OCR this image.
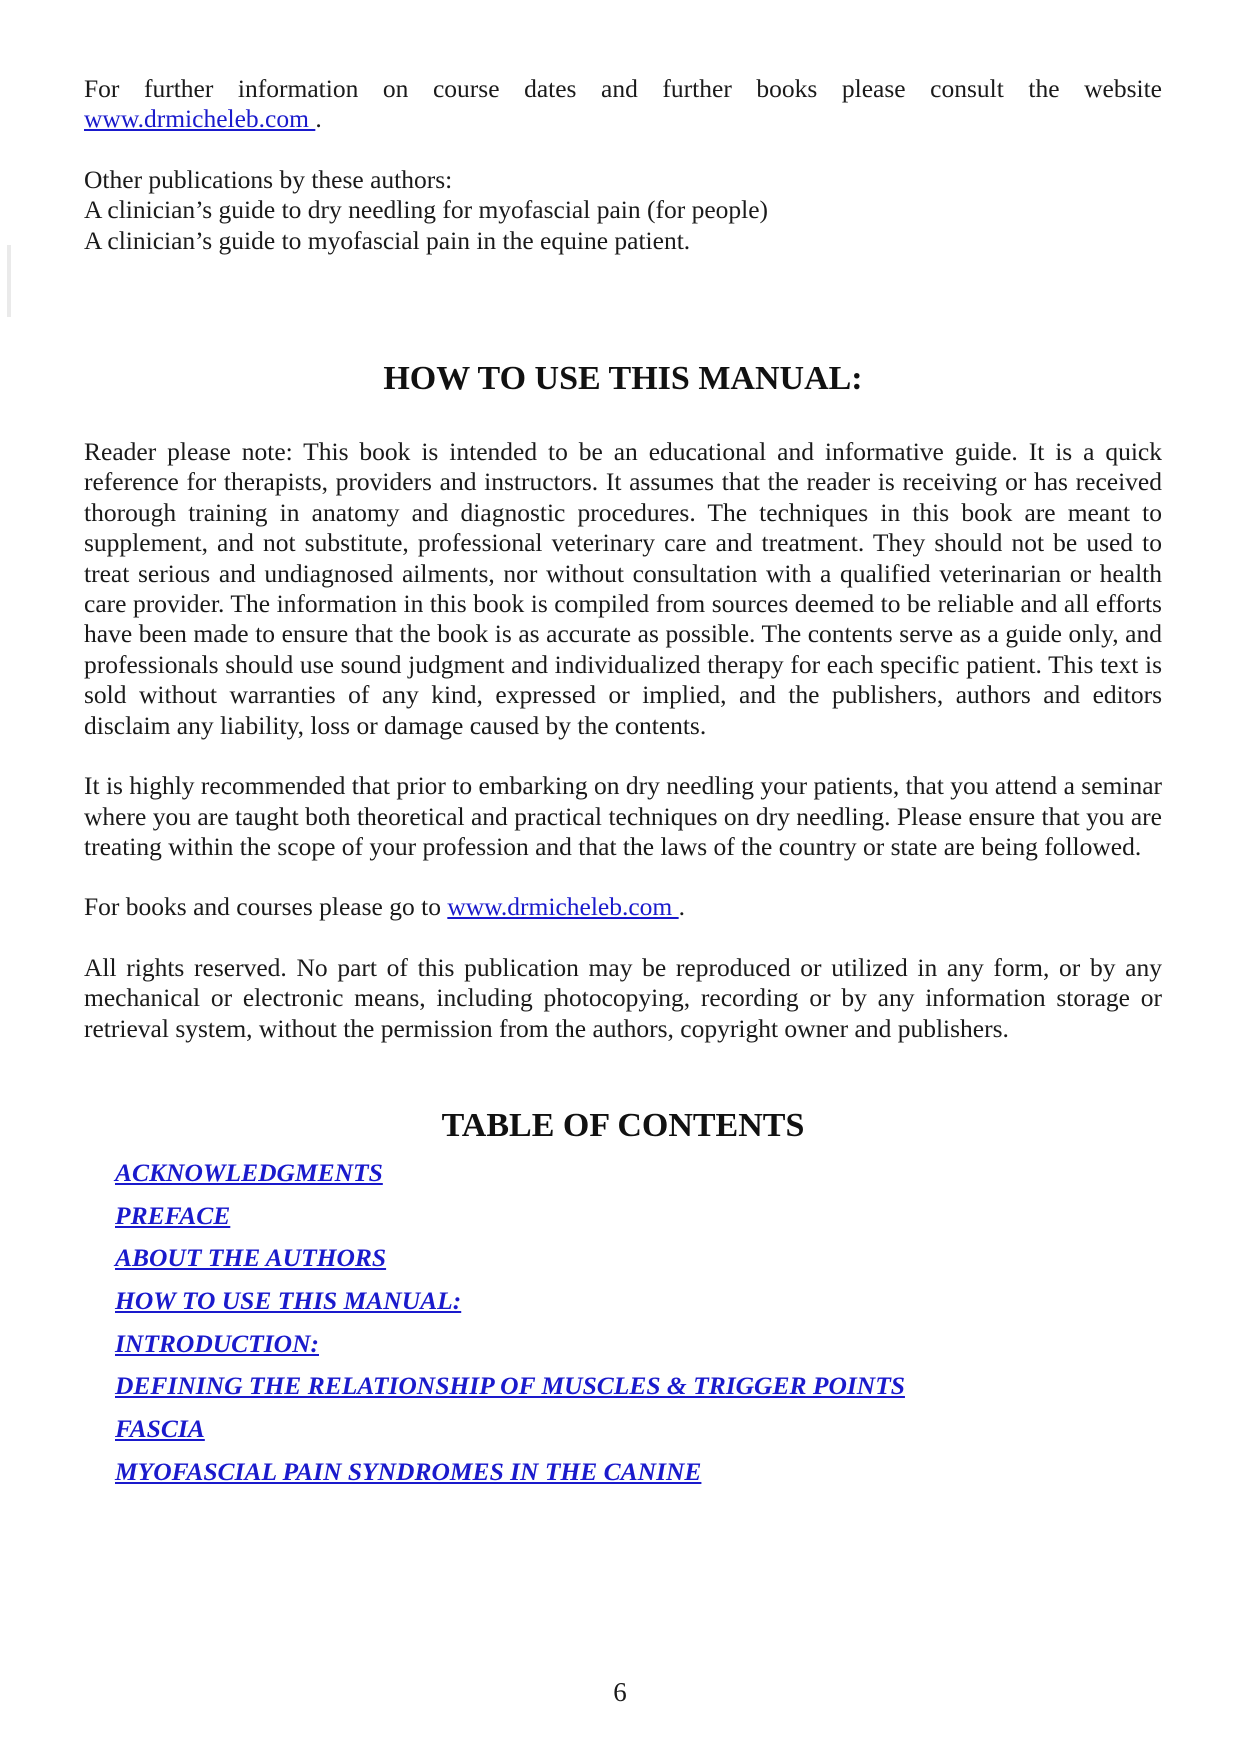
For further information on course dates and further books please consult the website www.drmicheleb.com .

Other publications by these authors:

A clinician’s guide to dry needling for myofascial pain (for people)

A clinician’s guide to myofascial pain in the equine patient.

HOW TO USE THIS MANUAL:

Reader please note: This book is intended to be an educational and informative guide. It is a quick reference for therapists, providers and instructors. It assumes that the reader is receiving or has received thorough training in anatomy and diagnostic procedures. The techniques in this book are meant to supplement, and not substitute, professional veterinary care and treatment. They should not be used to treat serious and undiagnosed ailments, nor without consultation with a qualified veterinarian or health care provider. The information in this book is compiled from sources deemed to be reliable and all efforts have been made to ensure that the book is as accurate as possible. The contents serve as a guide only, and professionals should use sound judgment and individualized therapy for each specific patient. This text is sold without warranties of any kind, expressed or implied, and the publishers, authors and editors disclaim any liability, loss or damage caused by the contents.

It is highly recommended that prior to embarking on dry needling your patients, that you attend a seminar where you are taught both theoretical and practical techniques on dry needling. Please ensure that you are treating within the scope of your profession and that the laws of the country or state are being followed.

For books and courses please go to www.drmicheleb.com .

All rights reserved. No part of this publication may be reproduced or utilized in any form, or by any mechanical or electronic means, including photocopying, recording or by any information storage or retrieval system, without the permission from the authors, copyright owner and publishers.

TABLE OF CONTENTS
ACKNOWLEDGMENTS
PREFACE
ABOUT THE AUTHORS
HOW TO USE THIS MANUAL:
INTRODUCTION:
DEFINING THE RELATIONSHIP OF MUSCLES & TRIGGER POINTS
FASCIA
MYOFASCIAL PAIN SYNDROMES IN THE CANINE
6
